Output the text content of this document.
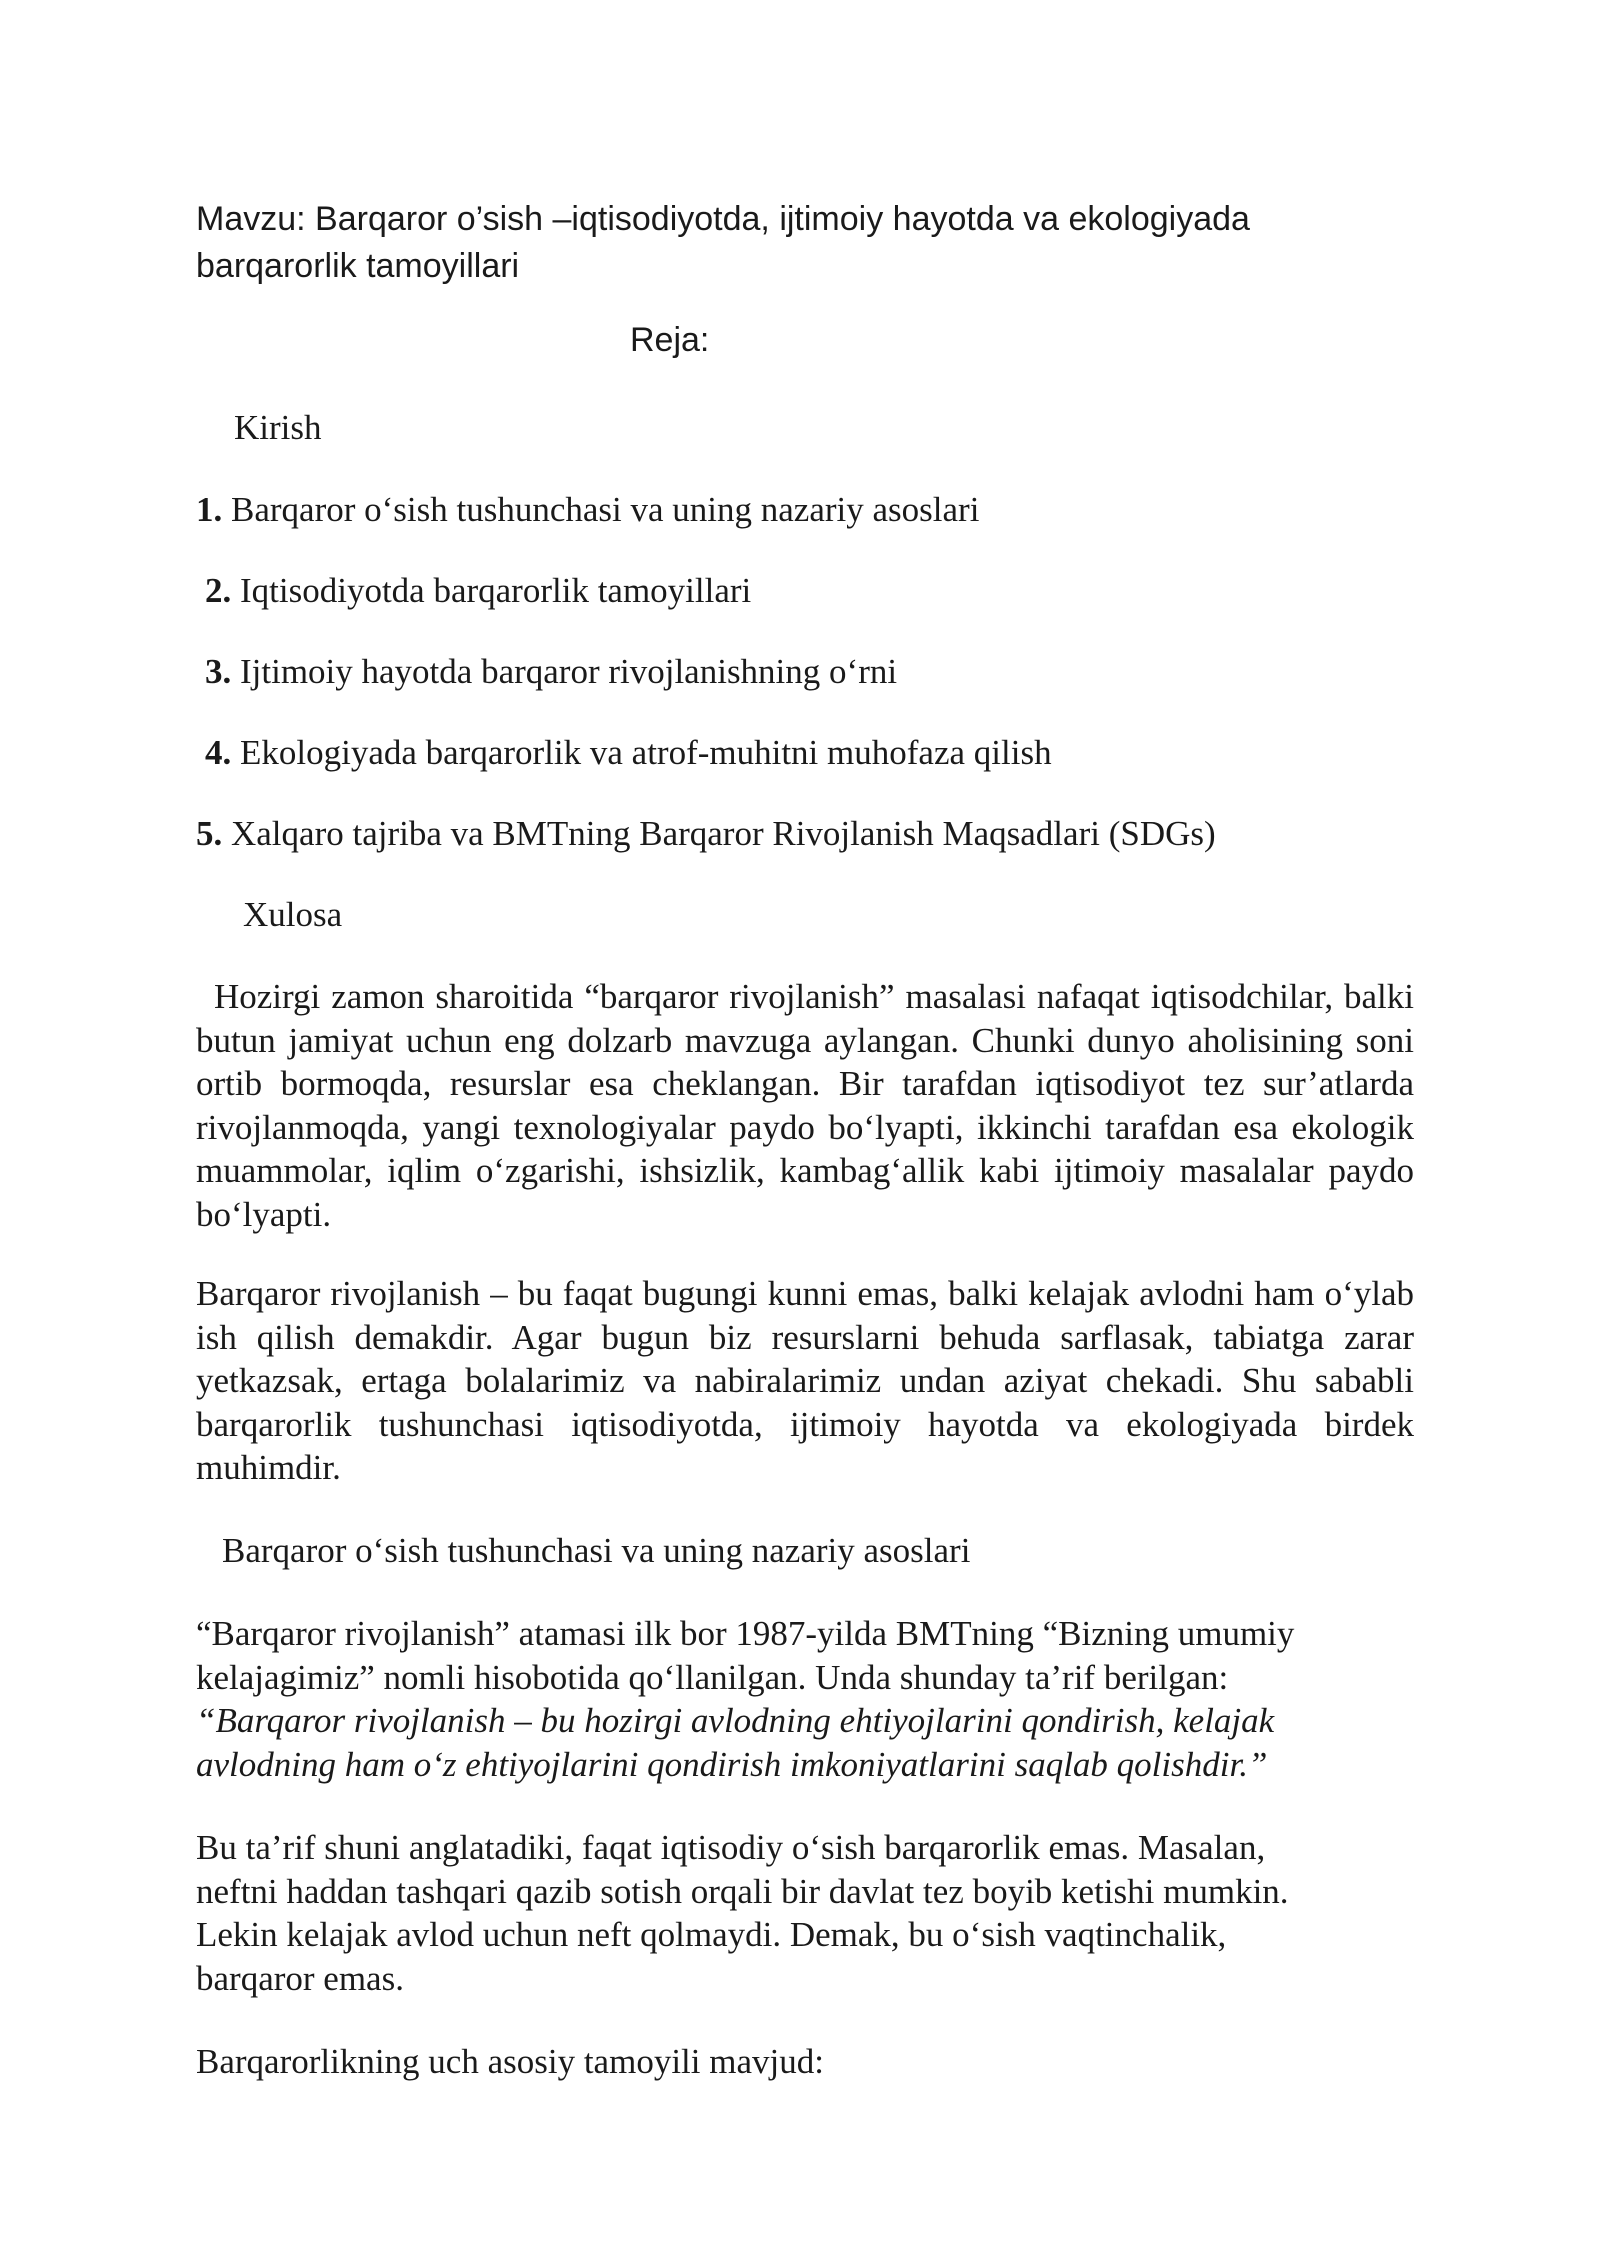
Mavzu: Barqaror o’sish –iqtisodiyotda, ijtimoiy hayotda va ekologiyada barqarorlik tamoyillari

Reja:

Kirish

1. Barqaror o‘sish tushunchasi va uning nazariy asoslari

2. Iqtisodiyotda barqarorlik tamoyillari

3. Ijtimoiy hayotda barqaror rivojlanishning o‘rni

4. Ekologiyada barqarorlik va atrof-muhitni muhofaza qilish

5. Xalqaro tajriba va BMTning Barqaror Rivojlanish Maqsadlari (SDGs)

Xulosa

Hozirgi zamon sharoitida “barqaror rivojlanish” masalasi nafaqat iqtisodchilar, balki butun jamiyat uchun eng dolzarb mavzuga aylangan. Chunki dunyo aholisining soni ortib bormoqda, resurslar esa cheklangan. Bir tarafdan iqtisodiyot tez sur’atlarda rivojlanmoqda, yangi texnologiyalar paydo bo‘lyapti, ikkinchi tarafdan esa ekologik muammolar, iqlim o‘zgarishi, ishsizlik, kambag‘allik kabi ijtimoiy masalalar paydo bo‘lyapti.

Barqaror rivojlanish – bu faqat bugungi kunni emas, balki kelajak avlodni ham o‘ylab ish qilish demakdir. Agar bugun biz resurslarni behuda sarflasak, tabiatga zarar yetkazsak, ertaga bolalarimiz va nabiralarimiz undan aziyat chekadi. Shu sababli barqarorlik tushunchasi iqtisodiyotda, ijtimoiy hayotda va ekologiyada birdek muhimdir.

Barqaror o‘sish tushunchasi va uning nazariy asoslari

“Barqaror rivojlanish” atamasi ilk bor 1987-yilda BMTning “Bizning umumiy
kelajagimiz” nomli hisobotida qo‘llanilgan. Unda shunday ta’rif berilgan:
“Barqaror rivojlanish – bu hozirgi avlodning ehtiyojlarini qondirish, kelajak
avlodning ham o‘z ehtiyojlarini qondirish imkoniyatlarini saqlab qolishdir.”

Bu ta’rif shuni anglatadiki, faqat iqtisodiy o‘sish barqarorlik emas. Masalan,
neftni haddan tashqari qazib sotish orqali bir davlat tez boyib ketishi mumkin.
Lekin kelajak avlod uchun neft qolmaydi. Demak, bu o‘sish vaqtinchalik,
barqaror emas.

Barqarorlikning uch asosiy tamoyili mavjud:
